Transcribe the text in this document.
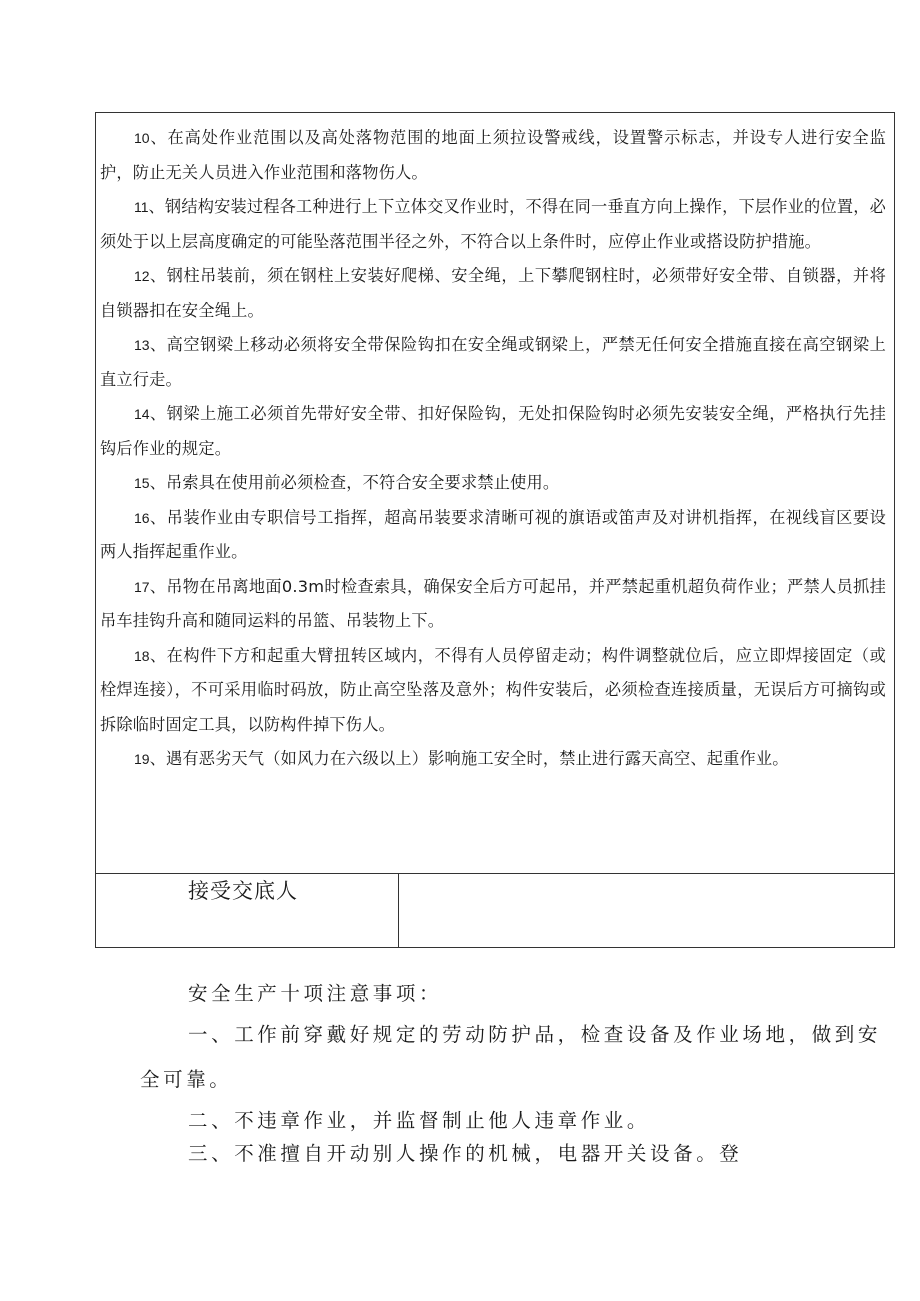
10、在高处作业范围以及高处落物范围的地面上须拉设警戒线，设置警示标志，并设专人进行安全监护，防止无关人员进入作业范围和落物伤人。

11、钢结构安装过程各工种进行上下立体交叉作业时，不得在同一垂直方向上操作，下层作业的位置，必须处于以上层高度确定的可能坠落范围半径之外，不符合以上条件时，应停止作业或搭设防护措施。

12、钢柱吊装前，须在钢柱上安装好爬梯、安全绳，上下攀爬钢柱时，必须带好安全带、自锁器，并将自锁器扣在安全绳上。

13、高空钢梁上移动必须将安全带保险钩扣在安全绳或钢梁上，严禁无任何安全措施直接在高空钢梁上直立行走。

14、钢梁上施工必须首先带好安全带、扣好保险钩，无处扣保险钩时必须先安装安全绳，严格执行先挂钩后作业的规定。

15、吊索具在使用前必须检查，不符合安全要求禁止使用。

16、吊装作业由专职信号工指挥，超高吊装要求清晰可视的旗语或笛声及对讲机指挥，在视线盲区要设两人指挥起重作业。

17、吊物在吊离地面0.3m时检查索具，确保安全后方可起吊，并严禁起重机超负荷作业；严禁人员抓挂吊车挂钩升高和随同运料的吊篮、吊装物上下。

18、在构件下方和起重大臂扭转区域内，不得有人员停留走动；构件调整就位后，应立即焊接固定（或栓焊连接），不可采用临时码放，防止高空坠落及意外；构件安装后，必须检查连接质量，无误后方可摘钩或拆除临时固定工具，以防构件掉下伤人。

19、遇有恶劣天气（如风力在六级以上）影响施工安全时，禁止进行露天高空、起重作业。

接受交底人
安全生产十项注意事项：
一、工作前穿戴好规定的劳动防护品，检查设备及作业场地，做到安
全可靠。
二、不违章作业，并监督制止他人违章作业。
三、不准擅自开动别人操作的机械，电器开关设备。登
